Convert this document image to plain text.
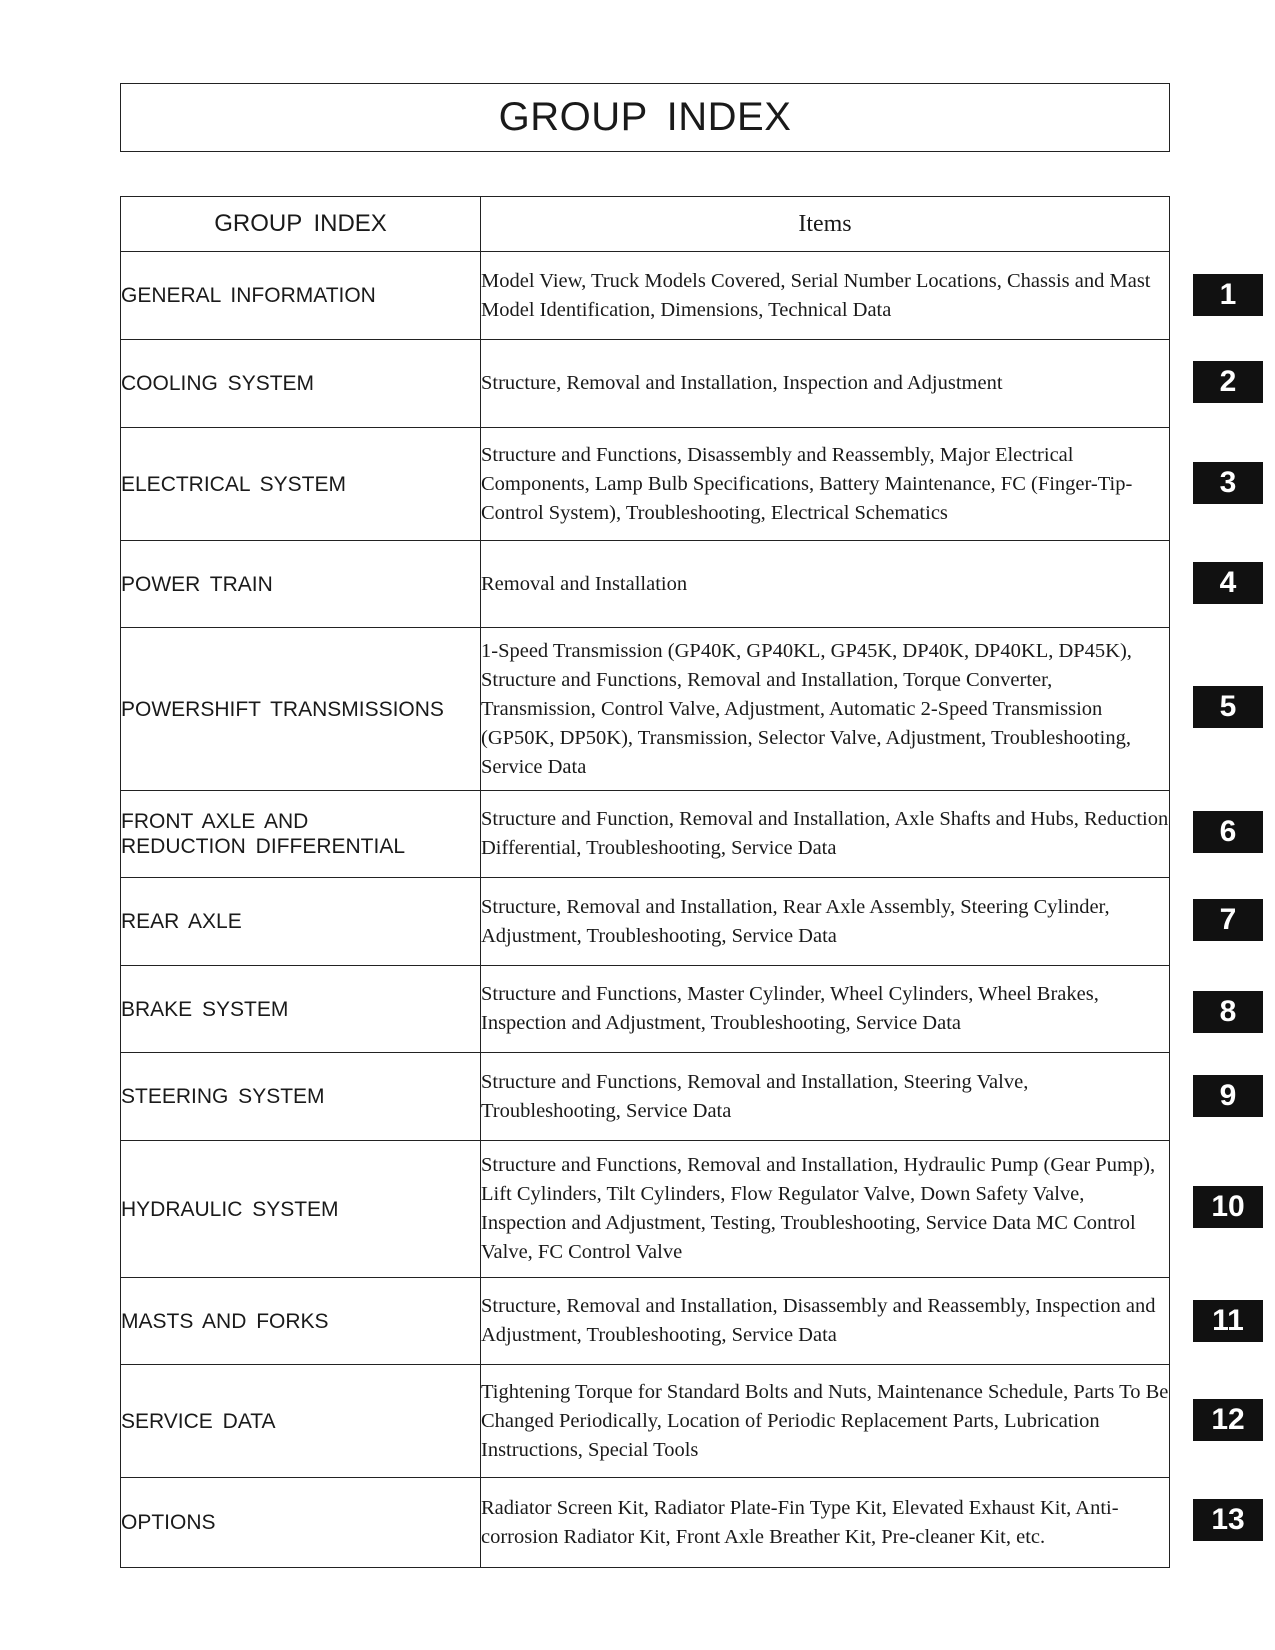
GROUP INDEX
GROUP INDEX	Items
GENERAL INFORMATION	Model View, Truck Models Covered, Serial Number Locations, Chassis and Mast Model Identification, Dimensions, Technical Data
COOLING SYSTEM	Structure, Removal and Installation, Inspection and Adjustment
ELECTRICAL SYSTEM	Structure and Functions, Disassembly and Reassembly, Major Electrical Components, Lamp Bulb Specifications, Battery Maintenance, FC (Finger-Tip-Control System), Troubleshooting, Electrical Schematics
POWER TRAIN	Removal and Installation
POWERSHIFT TRANSMISSIONS	1-Speed Transmission (GP40K, GP40KL, GP45K, DP40K, DP40KL, DP45K), Structure and Functions, Removal and Installation, Torque Converter, Transmission, Control Valve, Adjustment, Automatic 2-Speed Transmission (GP50K, DP50K), Transmission, Selector Valve, Adjustment, Troubleshooting, Service Data
FRONT AXLE AND REDUCTION DIFFERENTIAL	Structure and Function, Removal and Installation, Axle Shafts and Hubs, Reduction Differential, Troubleshooting, Service Data
REAR AXLE	Structure, Removal and Installation, Rear Axle Assembly, Steering Cylinder, Adjustment, Troubleshooting, Service Data
BRAKE SYSTEM	Structure and Functions, Master Cylinder, Wheel Cylinders, Wheel Brakes, Inspection and Adjustment, Troubleshooting, Service Data
STEERING SYSTEM	Structure and Functions, Removal and Installation, Steering Valve, Troubleshooting, Service Data
HYDRAULIC SYSTEM	Structure and Functions, Removal and Installation, Hydraulic Pump (Gear Pump), Lift Cylinders, Tilt Cylinders, Flow Regulator Valve, Down Safety Valve, Inspection and Adjustment, Testing, Troubleshooting, Service Data MC Control Valve, FC Control Valve
MASTS AND FORKS	Structure, Removal and Installation, Disassembly and Reassembly, Inspection and Adjustment, Troubleshooting, Service Data
SERVICE DATA	Tightening Torque for Standard Bolts and Nuts, Maintenance Schedule, Parts To Be Changed Periodically, Location of Periodic Replacement Parts, Lubrication Instructions, Special Tools
OPTIONS	Radiator Screen Kit, Radiator Plate-Fin Type Kit, Elevated Exhaust Kit, Anti-corrosion Radiator Kit, Front Axle Breather Kit, Pre-cleaner Kit, etc.
1
2
3
4
5
6
7
8
9
10
11
12
13
